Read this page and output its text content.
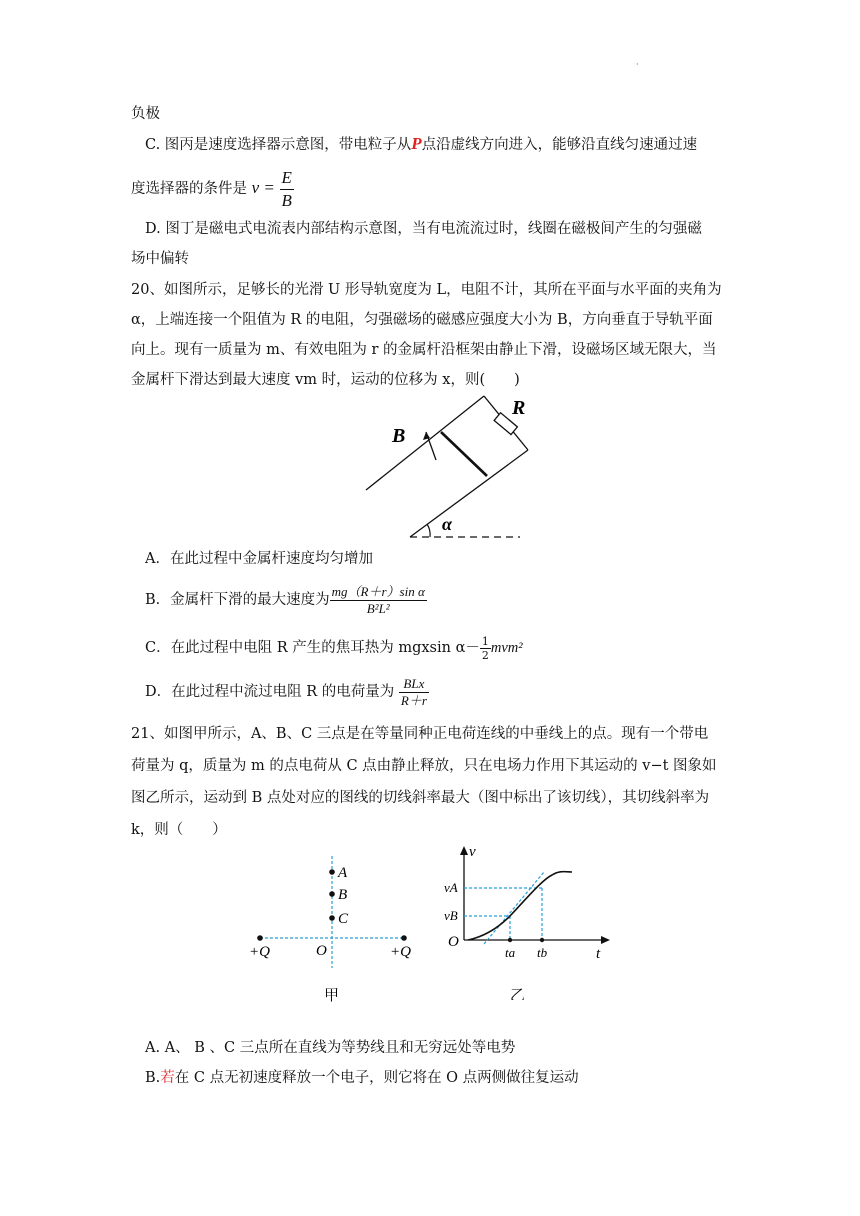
·
负极
C. 图丙是速度选择器示意图，带电粒子从P点沿虚线方向进入，能够沿直线匀速通过速
度选择器的条件是 $v = \frac{E}{B}$
D. 图丁是磁电式电流表内部结构示意图，当有电流流过时，线圈在磁极间产生的匀强磁
场中偏转
20、如图所示，足够长的光滑 U 形导轨宽度为 L，电阻不计，其所在平面与水平面的夹角为
α，上端连接一个阻值为 R 的电阻，匀强磁场的磁感应强度大小为 B，方向垂直于导轨平面
向上。现有一质量为 m、有效电阻为 r 的金属杆沿框架由静止下滑，设磁场区域无限大，当
金属杆下滑达到最大速度 vm 时，运动的位移为 x，则(　　)
R
B
α
A．在此过程中金属杆速度均匀增加
B．金属杆下滑的最大速度为 $\frac{\text{mg（R＋r）sin α}}{\text{B²L²}}$
C．在此过程中电阻 R 产生的焦耳热为 mgxsin $\alpha- \frac{1}{2} mvm^2$
D．在此过程中流过电阻 R 的电荷量为 $\frac{\text{BLx}}{R+r}$
21、如图甲所示，A、B、C 三点是在等量同种正电荷连线的中垂线上的点。现有一个带电
荷量为 q，质量为 m 的点电荷从 C 点由静止释放，只在电场力作用下其运动的 v−t 图象如
图乙所示，运动到 B 点处对应的图线的切线斜率最大（图中标出了该切线），其切线斜率为
k，则（　　）
A
B
C
O
+Q	+Q
甲
v
vA
vB
O
ta tb	t
乙
A. A、 B 、C 三点所在直线为等势线且和无穷远处等电势
B.若在 C 点无初速度释放一个电子，则它将在 O 点两侧做往复运动
